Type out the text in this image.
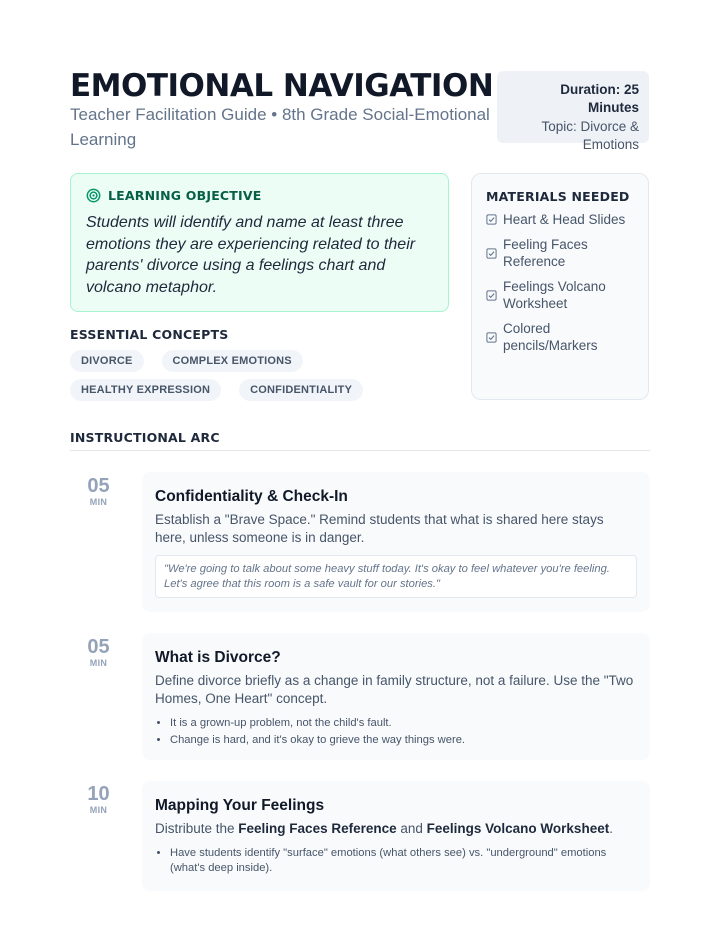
EMOTIONAL NAVIGATION
Teacher Facilitation Guide • 8th Grade Social-Emotional Learning
Duration: 25 Minutes
Topic: Divorce & Emotions
LEARNING OBJECTIVE

Students will identify and name at least three emotions they are experiencing related to their parents' divorce using a feelings chart and volcano metaphor.

MATERIALS NEEDED
Heart & Head Slides
Feeling Faces Reference
Feelings Volcano Worksheet
Colored pencils/Markers
ESSENTIAL CONCEPTS
DIVORCE	COMPLEX EMOTIONS
HEALTHY EXPRESSION	CONFIDENTIALITY
INSTRUCTIONAL ARC
05
MIN	Confidentiality & Check-In

Establish a "Brave Space." Remind students that what is shared here stays here, unless someone is in danger.

"We're going to talk about some heavy stuff today. It's okay to feel whatever you're feeling. Let's agree that this room is a safe vault for our stories."
05
MIN	What is Divorce?

Define divorce briefly as a change in family structure, not a failure. Use the "Two Homes, One Heart" concept.

• It is a grown-up problem, not the child's fault.
• Change is hard, and it's okay to grieve the way things were.
10
MIN	Mapping Your Feelings

Distribute the Feeling Faces Reference and Feelings Volcano Worksheet.

• Have students identify "surface" emotions (what others see) vs. "underground" emotions (what's deep inside).
